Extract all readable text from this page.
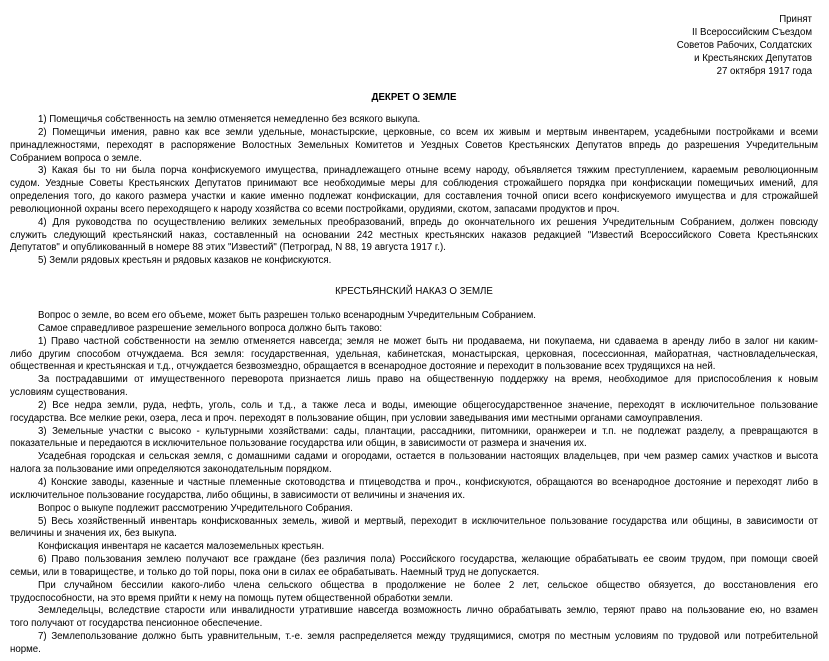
Принят
II Всероссийским Съездом
Советов Рабочих, Солдатских
и Крестьянских Депутатов
27 октября 1917 года
ДЕКРЕТ О ЗЕМЛЕ
1) Помещичья собственность на землю отменяется немедленно без всякого выкупа.
2) Помещичьи имения, равно как все земли удельные, монастырские, церковные, со всем их живым и мертвым инвентарем, усадебными постройками и всеми
принадлежностями, переходят в распоряжение Волостных Земельных Комитетов и Уездных Советов Крестьянских Депутатов впредь до разрешения Учредительным
Собранием вопроса о земле.
3) Какая бы то ни была порча конфискуемого имущества, принадлежащего отныне всему народу, объявляется тяжким преступлением, караемым революционным
судом. Уездные Советы Крестьянских Депутатов принимают все необходимые меры для соблюдения строжайшего порядка при конфискации помещичьих имений, для
определения того, до какого размера участки и какие именно подлежат конфискации, для составления точной описи всего конфискуемого имущества и для строжайшей
революционной охраны всего переходящего к народу хозяйства со всеми постройками, орудиями, скотом, запасами продуктов и проч.
4) Для руководства по осуществлению великих земельных преобразований, впредь до окончательного их решения Учредительным Собранием, должен повсюду
служить следующий крестьянский наказ, составленный на основании 242 местных крестьянских наказов редакцией "Известий Всероссийского Совета Крестьянских
Депутатов" и опубликованный в номере 88 этих "Известий" (Петроград, N 88, 19 августа 1917 г.).
5) Земли рядовых крестьян и рядовых казаков не конфискуются.
КРЕСТЬЯНСКИЙ НАКАЗ О ЗЕМЛЕ
Вопрос о земле, во всем его объеме, может быть разрешен только всенародным Учредительным Собранием.
Самое справедливое разрешение земельного вопроса должно быть таково:
1) Право частной собственности на землю отменяется навсегда; земля не может быть ни продаваема, ни покупаема, ни сдаваема в аренду либо в залог ни каким-
либо другим способом отчуждаема. Вся земля: государственная, удельная, кабинетская, монастырская, церковная, посессионная, майоратная, частновладельческая,
общественная и крестьянская и т.д., отчуждается безвозмездно, обращается в всенародное достояние и переходит в пользование всех трудящихся на ней.
За пострадавшими от имущественного переворота признается лишь право на общественную поддержку на время, необходимое для приспособления к новым
условиям существования.
2) Все недра земли, руда, нефть, уголь, соль и т.д., а также леса и воды, имеющие общегосударственное значение, переходят в исключительное пользование
государства. Все мелкие реки, озера, леса и проч. переходят в пользование общин, при условии заведывания ими местными органами самоуправления.
3) Земельные участки с высоко - культурными хозяйствами: сады, плантации, рассадники, питомники, оранжереи и т.п. не подлежат разделу, а превращаются в
показательные и передаются в исключительное пользование государства или общин, в зависимости от размера и значения их.
Усадебная городская и сельская земля, с домашними садами и огородами, остается в пользовании настоящих владельцев, при чем размер самих участков и высота
налога за пользование ими определяются законодательным порядком.
4) Конские заводы, казенные и частные племенные скотоводства и птицеводства и проч., конфискуются, обращаются во всенародное достояние и переходят либо в
исключительное пользование государства, либо общины, в зависимости от величины и значения их.
Вопрос о выкупе подлежит рассмотрению Учредительного Собрания.
5) Весь хозяйственный инвентарь конфискованных земель, живой и мертвый, переходит в исключительное пользование государства или общины, в зависимости от
величины и значения их, без выкупа.
Конфискация инвентаря не касается малоземельных крестьян.
6) Право пользования землею получают все граждане (без различия пола) Российского государства, желающие обрабатывать ее своим трудом, при помощи своей
семьи, или в товариществе, и только до той поры, пока они в силах ее обрабатывать. Наемный труд не допускается.
При случайном бессилии какого-либо члена сельского общества в продолжение не более 2 лет, сельское общество обязуется, до восстановления его
трудоспособности, на это время прийти к нему на помощь путем общественной обработки земли.
Земледельцы, вследствие старости или инвалидности утратившие навсегда возможность лично обрабатывать землю, теряют право на пользование ею, но взамен
того получают от государства пенсионное обеспечение.
7) Землепользование должно быть уравнительным, т.-е. земля распределяется между трудящимися, смотря по местным условиям по трудовой или потребительной
норме.
